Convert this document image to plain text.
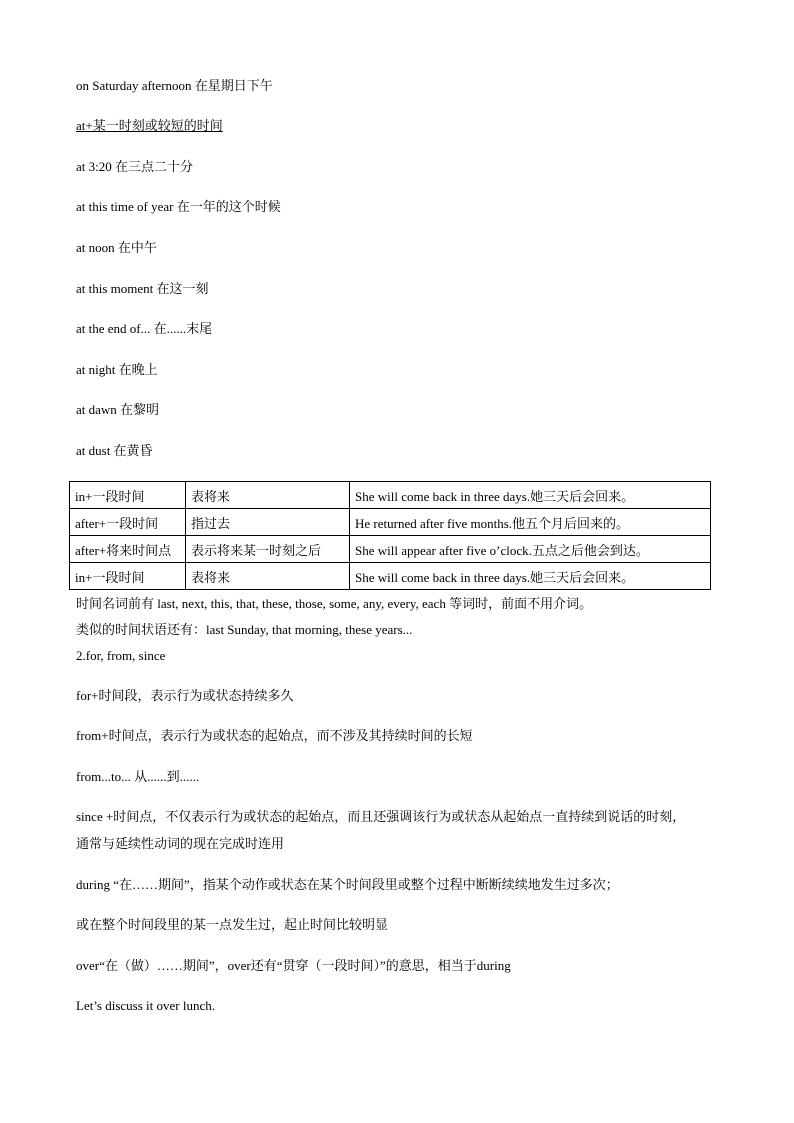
on Saturday afternoon 在星期日下午
at+某一时刻或较短的时间
at 3:20 在三点二十分
at this time of year 在一年的这个时候
at noon 在中午
at this moment 在这一刻
at the end of... 在......末尾
at night 在晚上
at dawn 在黎明
at dust 在黄昏
in+一段时间	表将来	She will come back in three days.她三天后会回来。
after+一段时间	指过去	He returned after five months.他五个月后回来的。
after+将来时间点	表示将来某一时刻之后	She will appear after five o’clock.五点之后他会到达。
in+一段时间	表将来	She will come back in three days.她三天后会回来。
时间名词前有 last, next, this, that, these, those, some, any, every, each 等词时，前面不用介词。
类似的时间状语还有：last Sunday, that morning, these years...
2.for, from, since
for+时间段，表示行为或状态持续多久
from+时间点，表示行为或状态的起始点，而不涉及其持续时间的长短
from...to... 从......到......
since +时间点，不仅表示行为或状态的起始点，而且还强调该行为或状态从起始点一直持续到说话的时刻，
通常与延续性动词的现在完成时连用
during “在……期间”，指某个动作或状态在某个时间段里或整个过程中断断续续地发生过多次；
或在整个时间段里的某一点发生过，起止时间比较明显
over“在（做）……期间”，over还有“贯穿（一段时间）”的意思，相当于during
Let’s discuss it over lunch.
